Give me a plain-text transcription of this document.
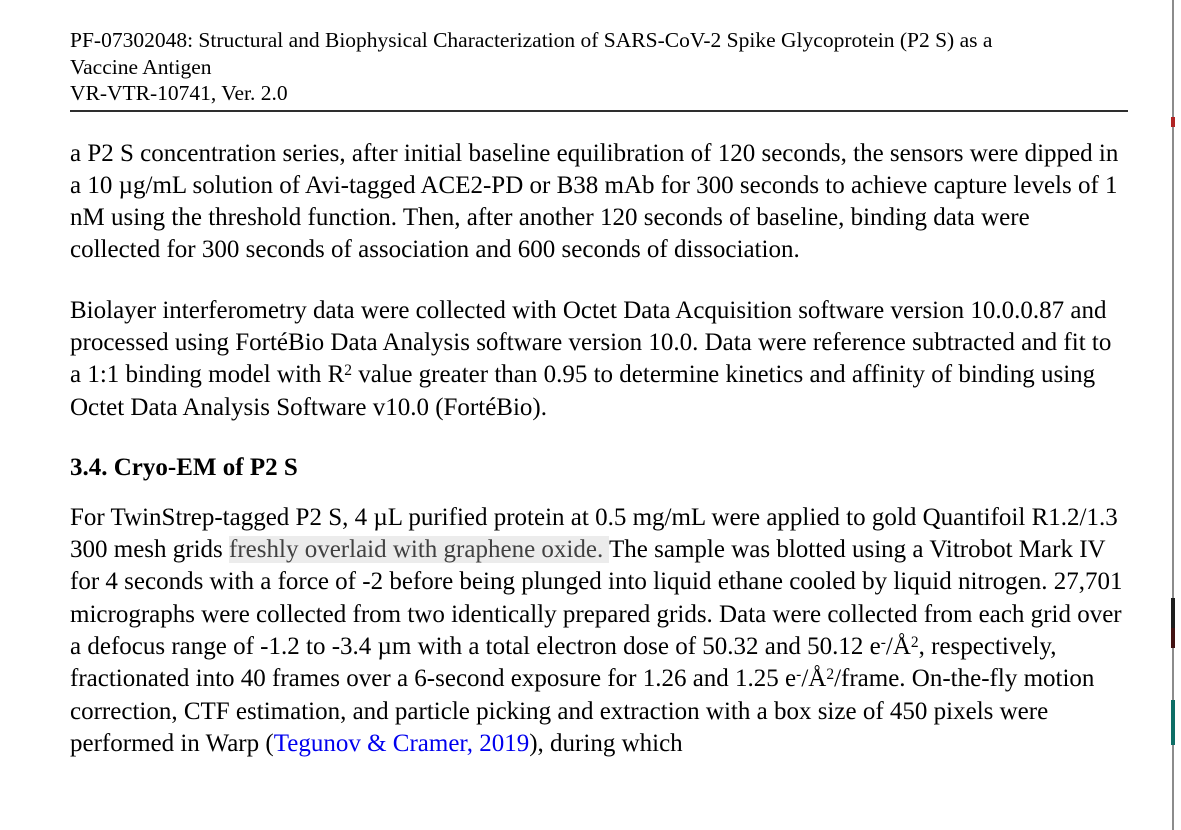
PF-07302048: Structural and Biophysical Characterization of SARS-CoV-2 Spike Glycoprotein (P2 S) as a
Vaccine Antigen
VR-VTR-10741, Ver. 2.0

a P2 S concentration series, after initial baseline equilibration of 120 seconds, the sensors were dipped in a 10 µg/mL solution of Avi-tagged ACE2-PD or B38 mAb for 300 seconds to achieve capture levels of 1 nM using the threshold function. Then, after another 120 seconds of baseline, binding data were collected for 300 seconds of association and 600 seconds of dissociation.

Biolayer interferometry data were collected with Octet Data Acquisition software version 10.0.0.87 and processed using FortéBio Data Analysis software version 10.0. Data were reference subtracted and fit to a 1:1 binding model with $R^2$ value greater than 0.95 to determine kinetics and affinity of binding using Octet Data Analysis Software v10.0 (FortéBio).

3.4. Cryo-EM of P2 S

For TwinStrep-tagged P2 S, 4 µL purified protein at 0.5 mg/mL were applied to gold Quantifoil R1.2/1.3 300 mesh grids freshly overlaid with graphene oxide. The sample was blotted using a Vitrobot Mark IV for 4 seconds with a force of -2 before being plunged into liquid ethane cooled by liquid nitrogen. 27,701 micrographs were collected from two identically prepared grids. Data were collected from each grid over a defocus range of -1.2 to -3.4 µm with a total electron dose of 50.32 and 50.12 $e^-/Å^2$, respectively, fractionated into 40 frames over a 6-second exposure for 1.26 and 1.25 $e^-/Å^2$/frame. On-the-fly motion correction, CTF estimation, and particle picking and extraction with a box size of 450 pixels were performed in Warp (Tegunov & Cramer, 2019), during which
